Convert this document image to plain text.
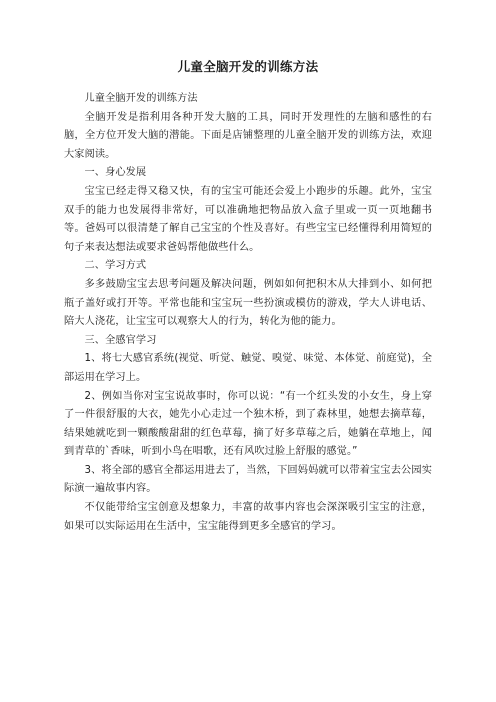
儿童全脑开发的训练方法

儿童全脑开发的训练方法

全脑开发是指利用各种开发大脑的工具，同时开发理性的左脑和感性的右脑，全方位开发大脑的潜能。下面是店铺整理的儿童全脑开发的训练方法，欢迎大家阅读。

一、身心发展

宝宝已经走得又稳又快，有的宝宝可能还会爱上小跑步的乐趣。此外，宝宝双手的能力也发展得非常好，可以准确地把物品放入盒子里或一页一页地翻书等。爸妈可以很清楚了解自己宝宝的个性及喜好。有些宝宝已经懂得利用简短的句子来表达想法或要求爸妈帮他做些什么。

二、学习方式

多多鼓励宝宝去思考问题及解决问题，例如如何把积木从大排到小、如何把瓶子盖好或打开等。平常也能和宝宝玩一些扮演或模仿的游戏，学大人讲电话、陪大人浇花，让宝宝可以观察大人的行为，转化为他的能力。

三、全感官学习

1、将七大感官系统(视觉、听觉、触觉、嗅觉、味觉、本体觉、前庭觉)，全部运用在学习上。

2、例如当你对宝宝说故事时，你可以说：“有一个红头发的小女生，身上穿了一件很舒服的大衣，她先小心走过一个独木桥，到了森林里，她想去摘草莓，结果她就吃到一颗酸酸甜甜的红色草莓，摘了好多草莓之后，她躺在草地上，闻到青草的`香味，听到小鸟在唱歌，还有风吹过脸上舒服的感觉。”

3、将全部的感官全都运用进去了，当然，下回妈妈就可以带着宝宝去公园实际演一遍故事内容。

不仅能带给宝宝创意及想象力，丰富的故事内容也会深深吸引宝宝的注意，如果可以实际运用在生活中，宝宝能得到更多全感官的学习。
